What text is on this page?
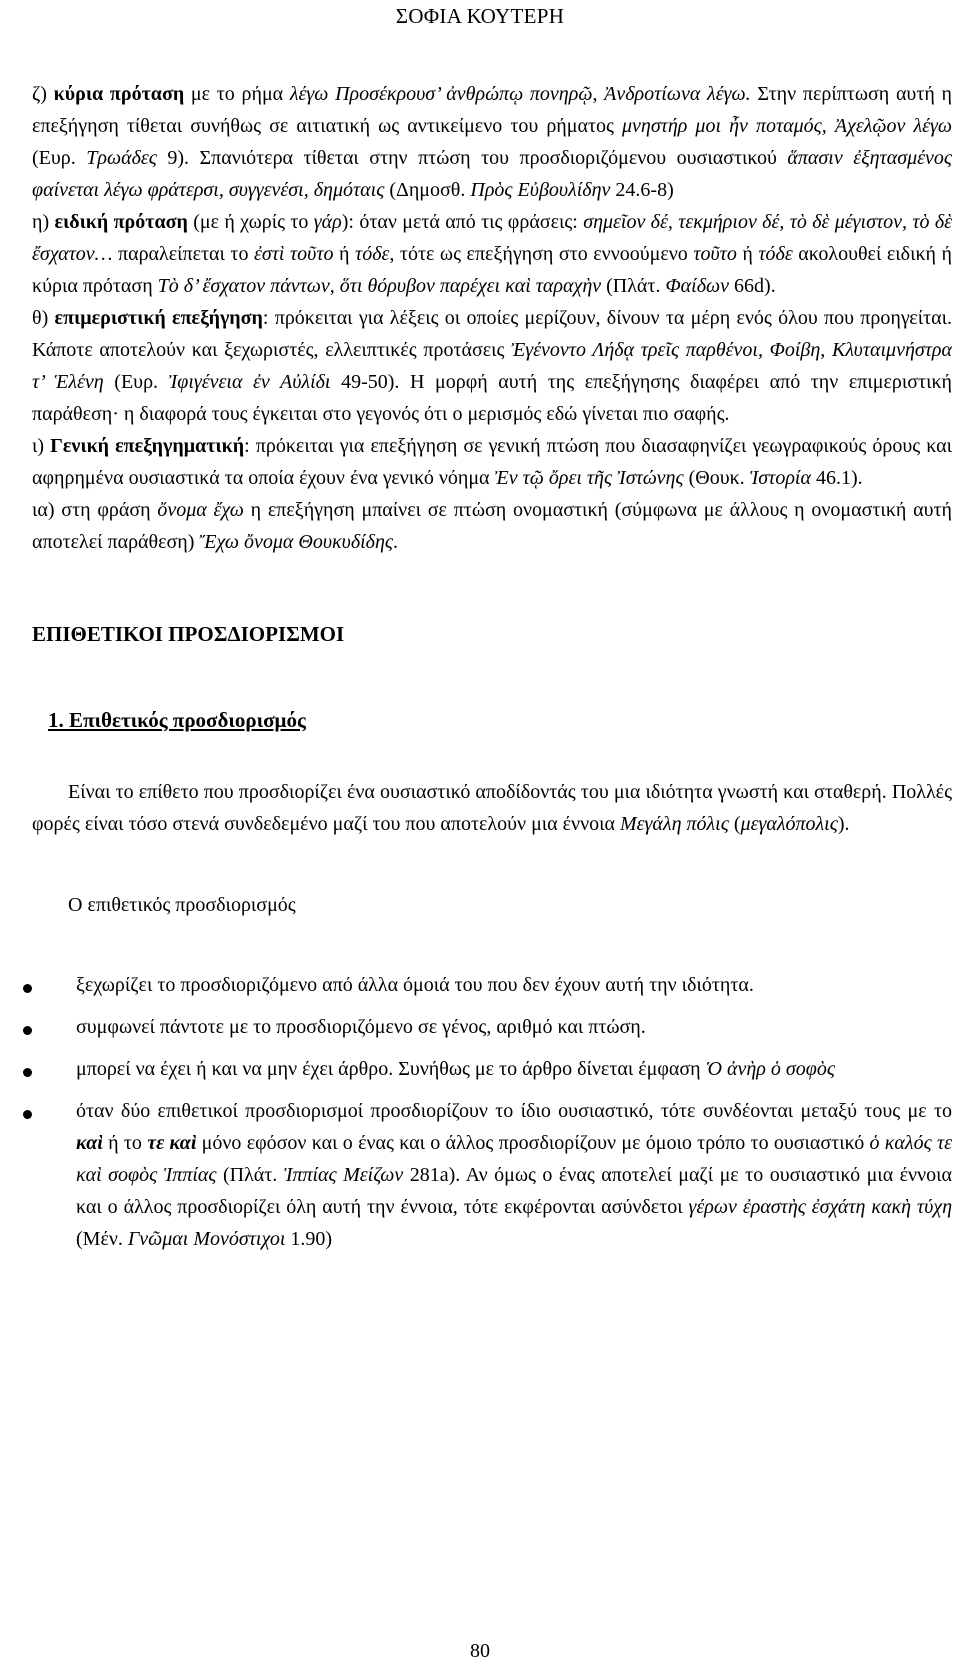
ΣΟΦΙΑ ΚΟΥΤΕΡΗ

ζ) κύρια πρόταση με το ρήμα λέγω Προσέκρουσ’ ἀνθρώπῳ πονηρῷ, Ἀνδροτίωνα λέγω. Στην περίπτωση αυτή η επεξήγηση τίθεται συνήθως σε αιτιατική ως αντικείμενο του ρήματος μνηστήρ μοι ἦν ποταμός, Ἀχελῷον λέγω (Ευρ. Τρωάδες 9). Σπανιότερα τίθεται στην πτώση του προσδιοριζόμενου ουσιαστικού ἅπασιν ἐξητασμένος φαίνεται λέγω φράτερσι, συγγενέσι, δημόταις (Δημοσθ. Πρὸς Εὐβουλίδην 24.6-8)

η) ειδική πρόταση (με ή χωρίς το γάρ): όταν μετά από τις φράσεις: σημεῖον δέ, τεκμήριον δέ, τὸ δὲ μέγιστον, τὸ δὲ ἔσχατον… παραλείπεται το ἐστὶ τοῦτο ή τόδε, τότε ως επεξήγηση στο εννοούμενο τοῦτο ή τόδε ακολουθεί ειδική ή κύρια πρόταση Τὸ δ’ ἔσχατον πάντων, ὅτι θόρυβον παρέχει καὶ ταραχὴν (Πλάτ. Φαίδων 66d).

θ) επιμεριστική επεξήγηση: πρόκειται για λέξεις οι οποίες μερίζουν, δίνουν τα μέρη ενός όλου που προηγείται. Κάποτε αποτελούν και ξεχωριστές, ελλειπτικές προτάσεις Ἐγένοντο Λήδᾳ τρεῖς παρθένοι, Φοίβη, Κλυταιμνήστρα τ’ Ἑλένη (Ευρ. Ἰφιγένεια ἐν Αὐλίδι 49-50). Η μορφή αυτή της επεξήγησης διαφέρει από την επιμεριστική παράθεση· η διαφορά τους έγκειται στο γεγονός ότι ο μερισμός εδώ γίνεται πιο σαφής.

ι) Γενική επεξηγηματική: πρόκειται για επεξήγηση σε γενική πτώση που διασαφηνίζει γεωγραφικούς όρους και αφηρημένα ουσιαστικά τα οποία έχουν ένα γενικό νόημα Ἐν τῷ ὄρει τῆς Ἰστώνης (Θουκ. Ἱστορία 46.1).

ια) στη φράση ὄνομα ἔχω η επεξήγηση μπαίνει σε πτώση ονομαστική (σύμφωνα με άλλους η ονομαστική αυτή αποτελεί παράθεση) Ἔχω ὄνομα Θουκυδίδης.

ΕΠΙΘΕΤΙΚΟΙ ΠΡΟΣΔΙΟΡΙΣΜΟΙ

1. Επιθετικός προσδιορισμός

Είναι το επίθετο που προσδιορίζει ένα ουσιαστικό αποδίδοντάς του μια ιδιότητα γνωστή και σταθερή. Πολλές φορές είναι τόσο στενά συνδεδεμένο μαζί του που αποτελούν μια έννοια Μεγάλη πόλις (μεγαλόπολις).

Ο επιθετικός προσδιορισμός

ξεχωρίζει το προσδιοριζόμενο από άλλα όμοιά του που δεν έχουν αυτή την ιδιότητα.
συμφωνεί πάντοτε με το προσδιοριζόμενο σε γένος, αριθμό και πτώση.
μπορεί να έχει ή και να μην έχει άρθρο. Συνήθως με το άρθρο δίνεται έμφαση Ὁ ἀνὴρ ὁ σοφὸς
όταν δύο επιθετικοί προσδιορισμοί προσδιορίζουν το ίδιο ουσιαστικό, τότε συνδέονται μεταξύ τους με το καὶ ή το τε καὶ μόνο εφόσον και ο ένας και ο άλλος προσδιορίζουν με όμοιο τρόπο το ουσιαστικό ὁ καλός τε καὶ σοφὸς Ἱππίας (Πλάτ. Ἱππίας Μείζων 281a). Αν όμως ο ένας αποτελεί μαζί με το ουσιαστικό μια έννοια και ο άλλος προσδιορίζει όλη αυτή την έννοια, τότε εκφέρονται ασύνδετοι γέρων ἐραστὴς ἐσχάτη κακὴ τύχη (Μέν. Γνῶμαι Μονόστιχοι 1.90)
80
